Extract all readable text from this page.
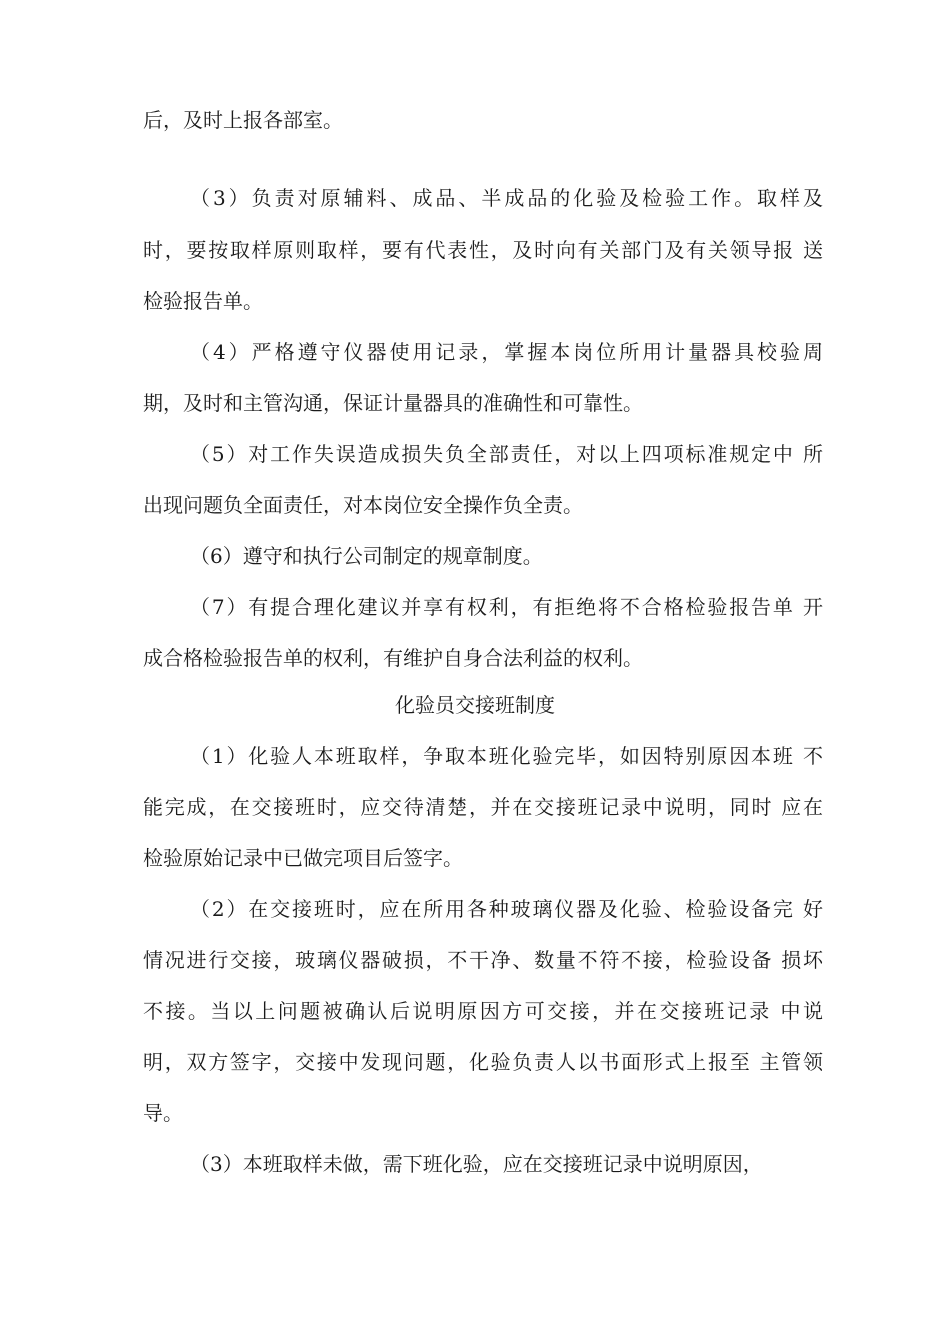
后，及时上报各部室。
（3）负责对原辅料、成品、半成品的化验及检验工作。取样及
时，要按取样原则取样，要有代表性，及时向有关部门及有关领导报 送
检验报告单。
（4）严格遵守仪器使用记录，掌握本岗位所用计量器具校验周
期，及时和主管沟通，保证计量器具的准确性和可靠性。
（5）对工作失误造成损失负全部责任，对以上四项标准规定中 所
出现问题负全面责任，对本岗位安全操作负全责。
（6）遵守和执行公司制定的规章制度。
（7）有提合理化建议并享有权利，有拒绝将不合格检验报告单 开
成合格检验报告单的权利，有维护自身合法利益的权利。
化验员交接班制度
（1）化验人本班取样，争取本班化验完毕，如因特别原因本班 不
能完成，在交接班时，应交待清楚，并在交接班记录中说明，同时 应在
检验原始记录中已做完项目后签字。
（2）在交接班时，应在所用各种玻璃仪器及化验、检验设备完 好
情况进行交接，玻璃仪器破损，不干净、数量不符不接，检验设备 损坏
不接。当以上问题被确认后说明原因方可交接，并在交接班记录 中说
明，双方签字，交接中发现问题，化验负责人以书面形式上报至 主管领
导。
（3）本班取样未做，需下班化验，应在交接班记录中说明原因，
